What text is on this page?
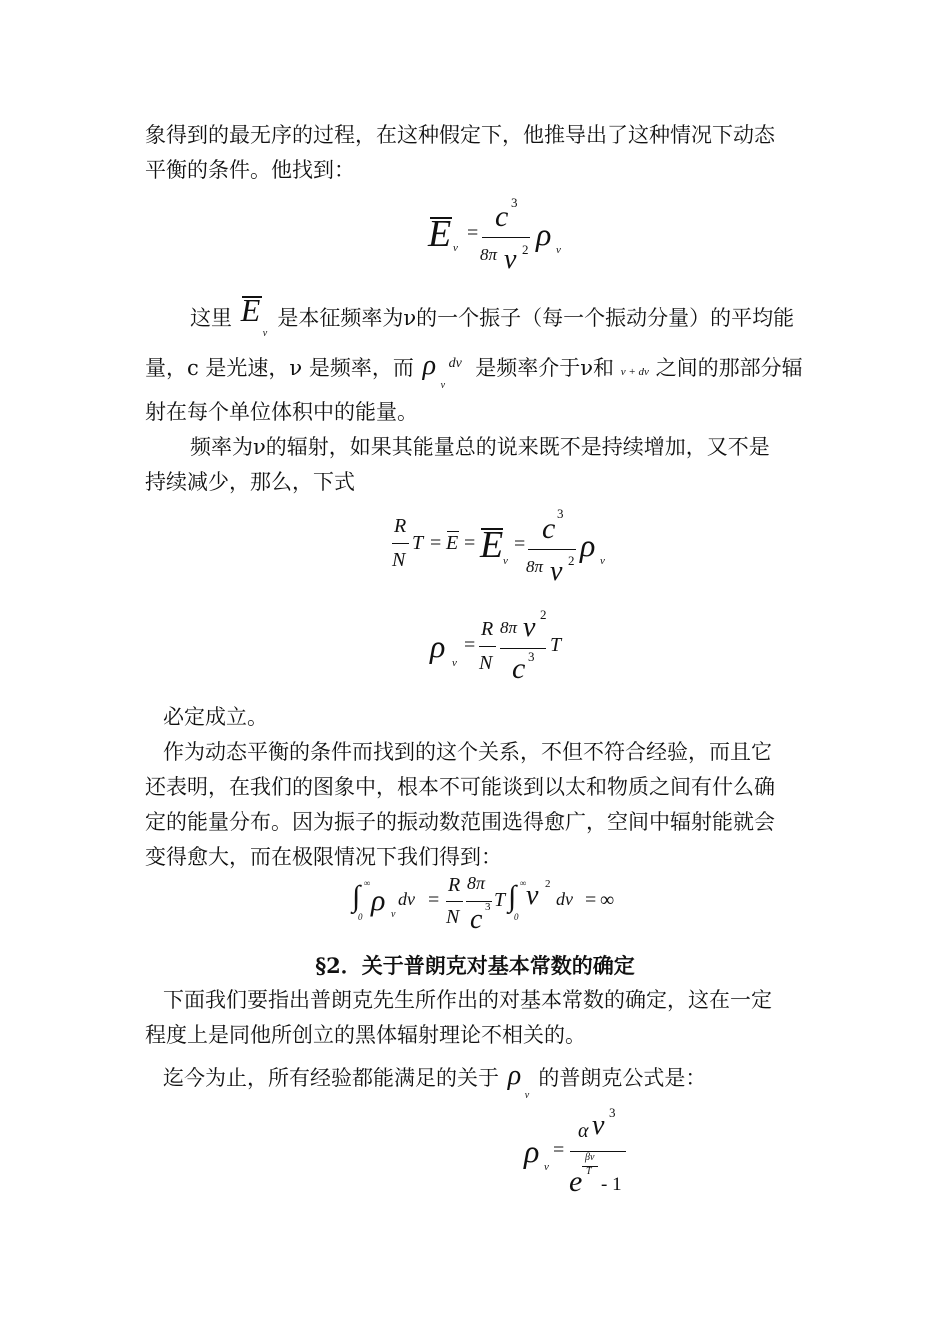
象得到的最无序的过程，在这种假定下，他推导出了这种情况下动态
平衡的条件。他找到：
E ν
= c 3
8π ν 2 ρ ν
这里 E
ν
是本征频率为ν的一个振子（每一个振动分量）的平均能
量，c 是光速，ν 是频率，而 ρ
ν
dν 是频率介于ν和 ν + dν 之间的那部分辐
射在每个单位体积中的能量。
频率为ν的辐射，如果其能量总的说来既不是持续增加，又不是
持续减少，那么，下式
R
N
T = E = E ν
= c 3
8π ν 2 ρ ν
ρ ν
=
R
N
8π ν 2
c 3
T
必定成立。
作为动态平衡的条件而找到的这个关系，不但不符合经验，而且它
还表明，在我们的图象中，根本不可能谈到以太和物质之间有什么确
定的能量分布。因为振子的振动数范围选得愈广，空间中辐射能就会
变得愈大，而在极限情况下我们得到：
∫ ∞
0 ρ ν
dν =
R
N
8π
c 3 T ∫ ∞
0
ν 2
dν = ∞
§2．关于普朗克对基本常数的确定
下面我们要指出普朗克先生所作出的对基本常数的确定，这在一定
程度上是同他所创立的黑体辐射理论不相关的。
迄今为止，所有经验都能满足的关于 ρ
ν
的普朗克公式是：
ρ ν
=
α ν 3
βν
T
e - 1
